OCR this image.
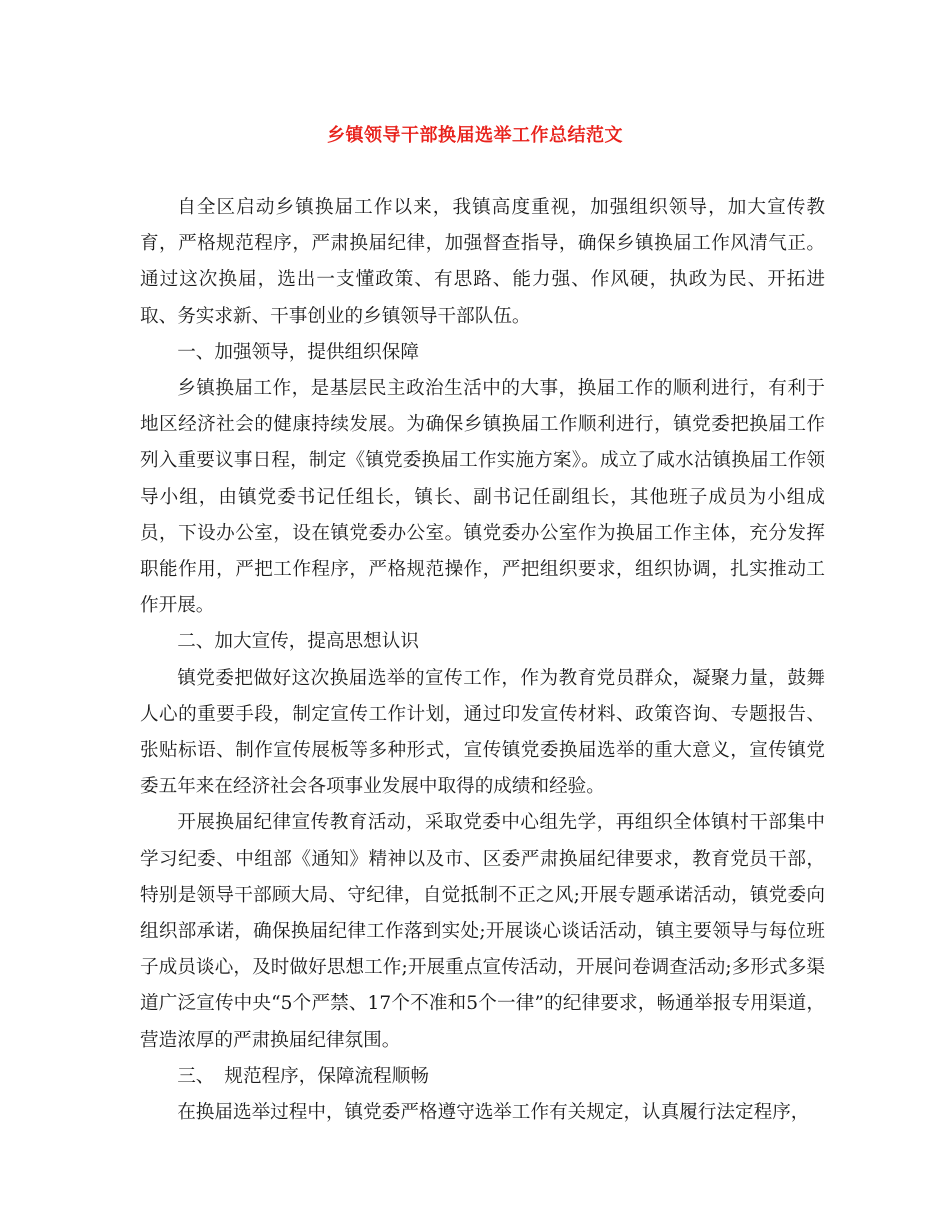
乡镇领导干部换届选举工作总结范文

自全区启动乡镇换届工作以来，我镇高度重视，加强组织领导，加大宣传教育，严格规范程序，严肃换届纪律，加强督查指导，确保乡镇换届工作风清气正。通过这次换届，选出一支懂政策、有思路、能力强、作风硬，执政为民、开拓进取、务实求新、干事创业的乡镇领导干部队伍。

一、加强领导，提供组织保障

乡镇换届工作，是基层民主政治生活中的大事，换届工作的顺利进行，有利于地区经济社会的健康持续发展。为确保乡镇换届工作顺利进行，镇党委把换届工作列入重要议事日程，制定《镇党委换届工作实施方案》。成立了咸水沽镇换届工作领导小组，由镇党委书记任组长，镇长、副书记任副组长，其他班子成员为小组成员，下设办公室，设在镇党委办公室。镇党委办公室作为换届工作主体，充分发挥职能作用，严把工作程序，严格规范操作，严把组织要求，组织协调，扎实推动工作开展。

二、加大宣传，提高思想认识

镇党委把做好这次换届选举的宣传工作，作为教育党员群众，凝聚力量，鼓舞人心的重要手段，制定宣传工作计划，通过印发宣传材料、政策咨询、专题报告、张贴标语、制作宣传展板等多种形式，宣传镇党委换届选举的重大意义，宣传镇党委五年来在经济社会各项事业发展中取得的成绩和经验。

开展换届纪律宣传教育活动，采取党委中心组先学，再组织全体镇村干部集中学习纪委、中组部《通知》精神以及市、区委严肃换届纪律要求，教育党员干部，特别是领导干部顾大局、守纪律，自觉抵制不正之风;开展专题承诺活动，镇党委向组织部承诺，确保换届纪律工作落到实处;开展谈心谈话活动，镇主要领导与每位班子成员谈心，及时做好思想工作;开展重点宣传活动，开展问卷调查活动;多形式多渠道广泛宣传中央“5个严禁、17个不准和5个一律”的纪律要求，畅通举报专用渠道，营造浓厚的严肃换届纪律氛围。

三、 规范程序，保障流程顺畅

在换届选举过程中，镇党委严格遵守选举工作有关规定，认真履行法定程序，
